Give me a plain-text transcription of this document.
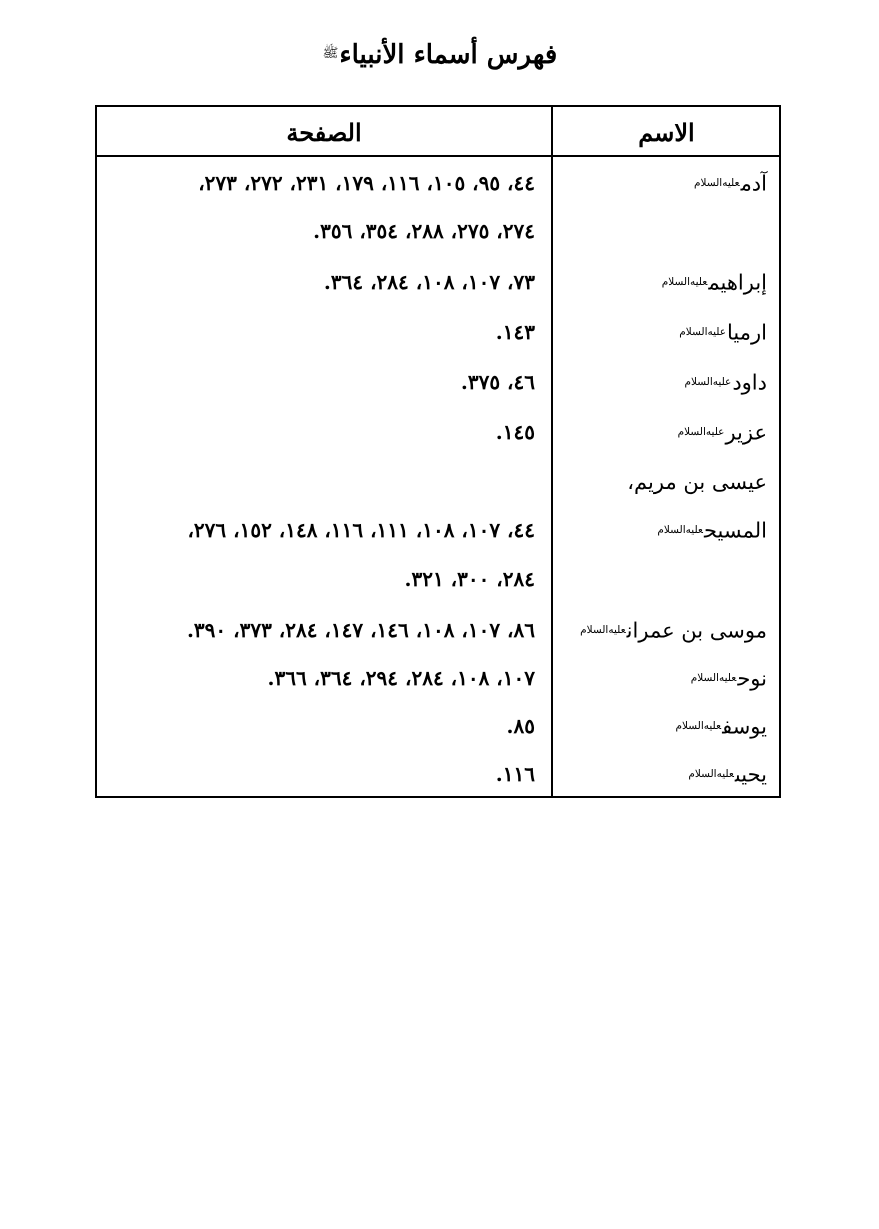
فهرس أسماء الأنبياء$^ﷺ$
الاسم
الصفحة
آدم$^{عليه‌السلام}$
٤٤، ٩٥، ١٠٥، ١١٦، ١٧٩، ٢٣١، ٢٧٢، ٢٧٣،
٢٧٤، ٢٧٥، ٢٨٨، ٣٥٤، ٣٥٦.
إبراهيم$^{عليه‌السلام}$
٧٣، ١٠٧، ١٠٨، ٢٨٤، ٣٦٤.
ارميا$^{عليه‌السلام}$
١٤٣.
داود$^{عليه‌السلام}$
٤٦، ٣٧٥.
عزير$^{عليه‌السلام}$
١٤٥.
عيسى بن مريم،
المسيح$^{عليه‌السلام}$
٤٤، ١٠٧، ١٠٨، ١١١، ١١٦، ١٤٨، ١٥٢، ٢٧٦،
٢٨٤، ٣٠٠، ٣٢١.
موسى بن عمران$^{عليه‌السلام}$
٨٦، ١٠٧، ١٠٨، ١٤٦، ١٤٧، ٢٨٤، ٣٧٣، ٣٩٠.
نوح$^{عليه‌السلام}$
١٠٧، ١٠٨، ٢٨٤، ٢٩٤، ٣٦٤، ٣٦٦.
يوسف$^{عليه‌السلام}$
٨٥.
يحيى$^{عليه‌السلام}$
١١٦.
